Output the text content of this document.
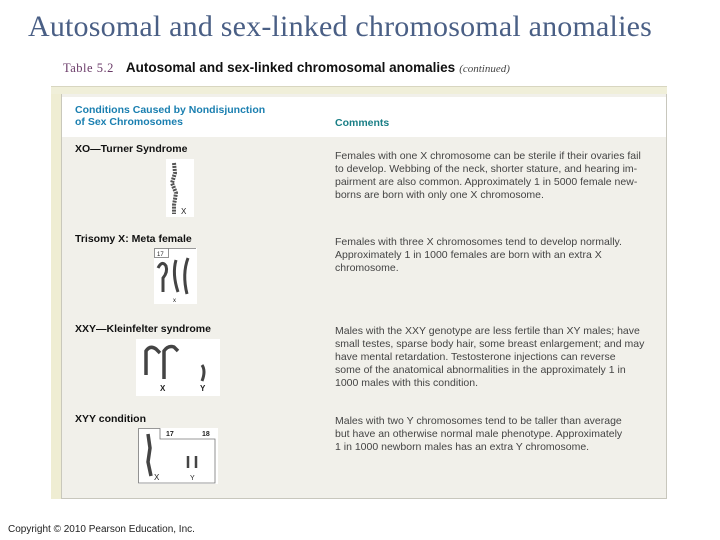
Autosomal and sex-linked chromosomal anomalies
Table 5.2 Autosomal and sex-linked chromosomal anomalies (continued)
Conditions Caused by Nondisjunction
of Sex Chromosomes	Comments
XO—Turner Syndrome
X
Females with one X chromosome can be sterile if their ovaries fail
to develop. Webbing of the neck, shorter stature, and hearing im-
pairment are also common. Approximately 1 in 5000 female new-
borns are born with only one X chromosome.
Trisomy X: Meta female
17
x
Females with three X chromosomes tend to develop normally.
Approximately 1 in 1000 females are born with an extra X
chromosome.
XXY—Kleinfelter syndrome
X	Y
Males with the XXY genotype are less fertile than XY males; have
small testes, sparse body hair, some breast enlargement; and may
have mental retardation. Testosterone injections can reverse
some of the anatomical abnormalities in the approximately 1 in
1000 males with this condition.
XYY condition
17	18
X	Y
Males with two Y chromosomes tend to be taller than average
but have an otherwise normal male phenotype. Approximately
1 in 1000 newborn males has an extra Y chromosome.
Copyright © 2010 Pearson Education, Inc.
